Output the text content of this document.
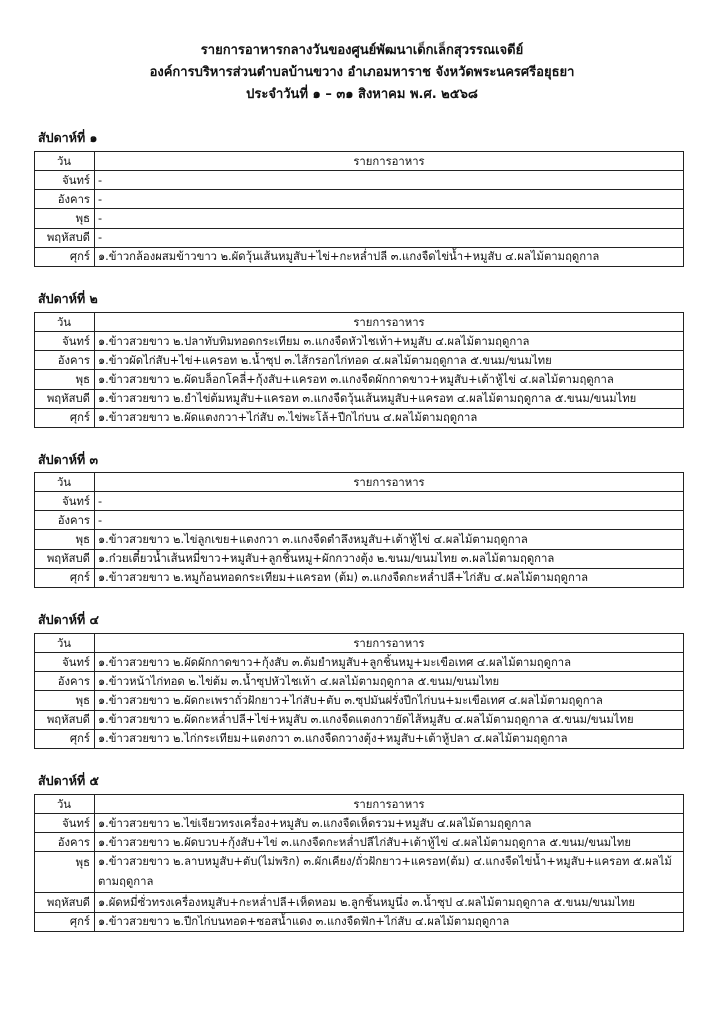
รายการอาหารกลางวันของศูนย์พัฒนาเด็กเล็กสุวรรณเจดีย์
องค์การบริหารส่วนตำบลบ้านขวาง อำเภอมหาราช จังหวัดพระนครศรีอยุธยา
ประจำวันที่ ๑ – ๓๑ สิงหาคม พ.ศ. ๒๕๖๘
สัปดาห์ที่ ๑
วัน	รายการอาหาร
จันทร์	-
อังคาร	-
พุธ	-
พฤหัสบดี	-
ศุกร์	๑.ข้าวกล้องผสมข้าวขาว ๒.ผัดวุ้นเส้นหมูสับ+ไข่+กะหล่ำปลี ๓.แกงจืดไข่น้ำ+หมูสับ ๔.ผลไม้ตามฤดูกาล
สัปดาห์ที่ ๒
วัน	รายการอาหาร
จันทร์	๑.ข้าวสวยขาว ๒.ปลาทับทิมทอดกระเทียม ๓.แกงจืดหัวไชเท้า+หมูสับ ๔.ผลไม้ตามฤดูกาล
อังคาร	๑.ข้าวผัดไก่สับ+ไข่+แครอท ๒.น้ำซุป ๓.ไส้กรอกไก่ทอด ๔.ผลไม้ตามฤดูกาล ๕.ขนม/ขนมไทย
พุธ	๑.ข้าวสวยขาว ๒.ผัดบล็อกโคลี่+กุ้งสับ+แครอท ๓.แกงจืดผักกาดขาว+หมูสับ+เต้าหู้ไข่ ๔.ผลไม้ตามฤดูกาล
พฤหัสบดี	๑.ข้าวสวยขาว ๒.ยำไข่ต้มหมูสับ+แครอท ๓.แกงจืดวุ้นเส้นหมูสับ+แครอท ๔.ผลไม้ตามฤดูกาล ๕.ขนม/ขนมไทย
ศุกร์	๑.ข้าวสวยขาว ๒.ผัดแตงกวา+ไก่สับ ๓.ไข่พะโล้+ปีกไก่บน ๔.ผลไม้ตามฤดูกาล
สัปดาห์ที่ ๓
วัน	รายการอาหาร
จันทร์	-
อังคาร	-
พุธ	๑.ข้าวสวยขาว ๒.ไข่ลูกเขย+แตงกวา ๓.แกงจืดตำลึงหมูสับ+เต้าหู้ไข่ ๔.ผลไม้ตามฤดูกาล
พฤหัสบดี	๑.ก๋วยเตี๋ยวน้ำเส้นหมี่ขาว+หมูสับ+ลูกชิ้นหมู+ผักกวางตุ้ง ๒.ขนม/ขนมไทย ๓.ผลไม้ตามฤดูกาล
ศุกร์	๑.ข้าวสวยขาว ๒.หมูก้อนทอดกระเทียม+แครอท (ต้ม) ๓.แกงจืดกะหล่ำปลี+ไก่สับ ๔.ผลไม้ตามฤดูกาล
สัปดาห์ที่ ๔
วัน	รายการอาหาร
จันทร์	๑.ข้าวสวยขาว ๒.ผัดผักกาดขาว+กุ้งสับ ๓.ต้มยำหมูสับ+ลูกชิ้นหมู+มะเขือเทศ ๔.ผลไม้ตามฤดูกาล
อังคาร	๑.ข้าวหน้าไก่ทอด ๒.ไข่ต้ม ๓.น้ำซุปหัวไชเท้า ๔.ผลไม้ตามฤดูกาล ๕.ขนม/ขนมไทย
พุธ	๑.ข้าวสวยขาว ๒.ผัดกะเพราถั่วฝักยาว+ไก่สับ+ตับ ๓.ซุปมันฝรั่งปีกไก่บน+มะเขือเทศ ๔.ผลไม้ตามฤดูกาล
พฤหัสบดี	๑.ข้าวสวยขาว ๒.ผัดกะหล่ำปลี+ไข่+หมูสับ ๓.แกงจืดแตงกวายัดไส้หมูสับ ๔.ผลไม้ตามฤดูกาล ๕.ขนม/ขนมไทย
ศุกร์	๑.ข้าวสวยขาว ๒.ไก่กระเทียม+แตงกวา ๓.แกงจืดกวางตุ้ง+หมูสับ+เต้าหู้ปลา ๔.ผลไม้ตามฤดูกาล
สัปดาห์ที่ ๕
วัน	รายการอาหาร
จันทร์	๑.ข้าวสวยขาว ๒.ไข่เจียวทรงเครื่อง+หมูสับ ๓.แกงจืดเห็ดรวม+หมูสับ ๔.ผลไม้ตามฤดูกาล
อังคาร	๑.ข้าวสวยขาว ๒.ผัดบวบ+กุ้งสับ+ไข่ ๓.แกงจืดกะหล่ำปลีไก่สับ+เต้าหู้ไข่ ๔.ผลไม้ตามฤดูกาล ๕.ขนม/ขนมไทย
พุธ	๑.ข้าวสวยขาว ๒.ลาบหมูสับ+ตับ(ไม่พริก) ๓.ผักเคียง/ถั่วฝักยาว+แครอท(ต้ม) ๔.แกงจืดไข่น้ำ+หมูสับ+แครอท ๕.ผลไม้ตามฤดูกาล
พฤหัสบดี	๑.ผัดหมี่ซั่วทรงเครื่องหมูสับ+กะหล่ำปลี+เห็ดหอม ๒.ลูกชิ้นหมูนึ่ง ๓.น้ำซุป ๔.ผลไม้ตามฤดูกาล ๕.ขนม/ขนมไทย
ศุกร์	๑.ข้าวสวยขาว ๒.ปีกไก่บนทอด+ซอสน้ำแดง ๓.แกงจืดฟัก+ไก่สับ ๔.ผลไม้ตามฤดูกาล
